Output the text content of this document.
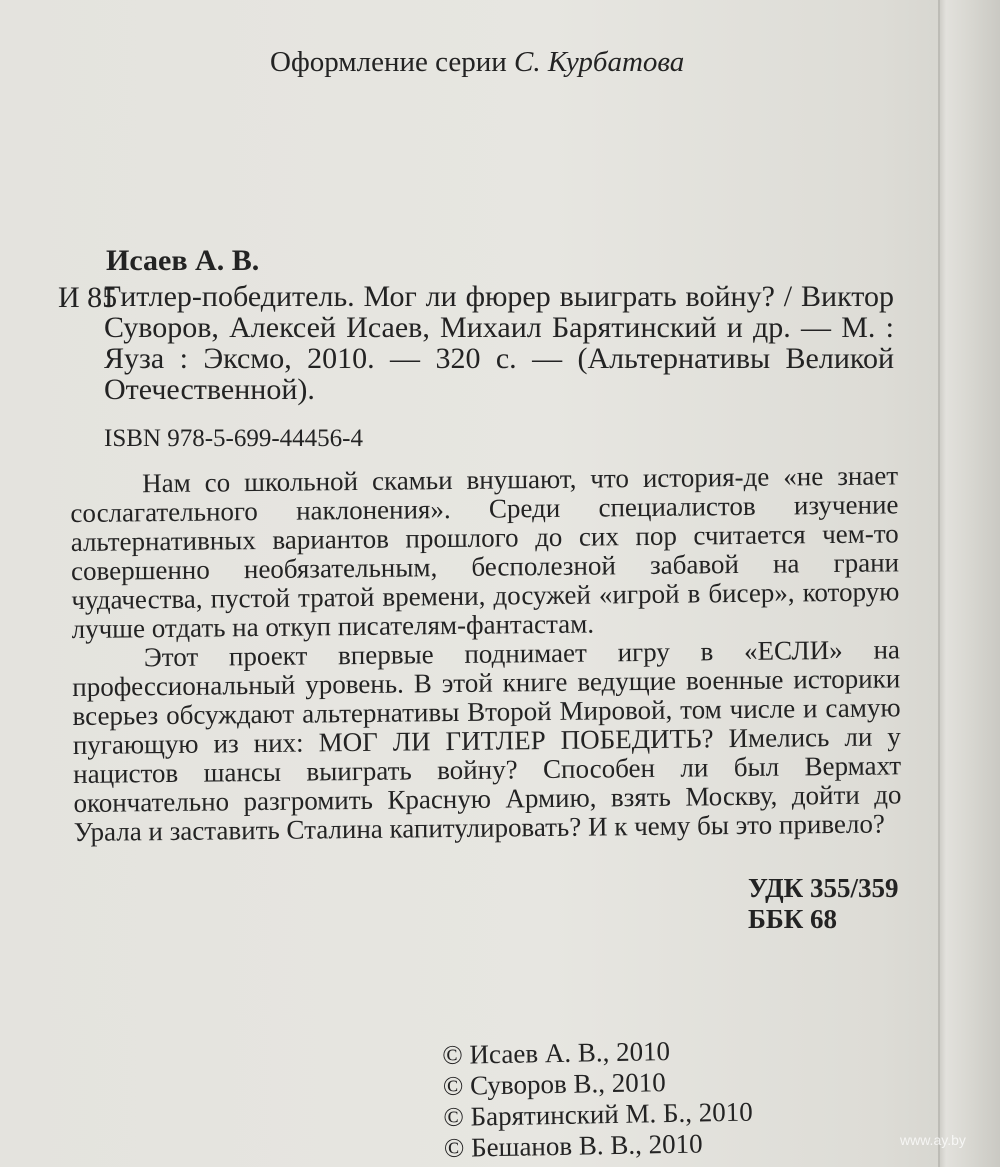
Оформление серии С. Курбатова
Исаев А. В.
И 85
Гитлер-победитель. Мог ли фюрер выиграть войну? / Виктор Суворов, Алексей Исаев, Михаил Барятинский и др. — М. : Яуза : Эксмо, 2010. — 320 с. — (Альтернативы Великой Отечественной).
ISBN 978-5-699-44456-4

Нам со школьной скамьи внушают, что история-де «не знает сослагательного наклонения». Среди специалистов изучение альтернативных вариантов прошлого до сих пор считается чем-то совершенно необязательным, бесполезной забавой на грани чудачества, пустой тратой времени, досужей «игрой в бисер», которую лучше отдать на откуп писателям-фантастам.

Этот проект впервые поднимает игру в «ЕСЛИ» на профессиональный уровень. В этой книге ведущие военные историки всерьез обсуждают альтернативы Второй Мировой, том числе и самую пугающую из них: МОГ ЛИ ГИТЛЕР ПОБЕДИТЬ? Имелись ли у нацистов шансы выиграть войну? Способен ли был Вермахт окончательно разгромить Красную Армию, взять Москву, дойти до Урала и заставить Сталина капитулировать? И к чему бы это привело?

УДК 355/359
ББК 68
© Исаев А. В., 2010
© Суворов В., 2010
© Барятинский М. Б., 2010
© Бешанов В. В., 2010	www.ay.by
